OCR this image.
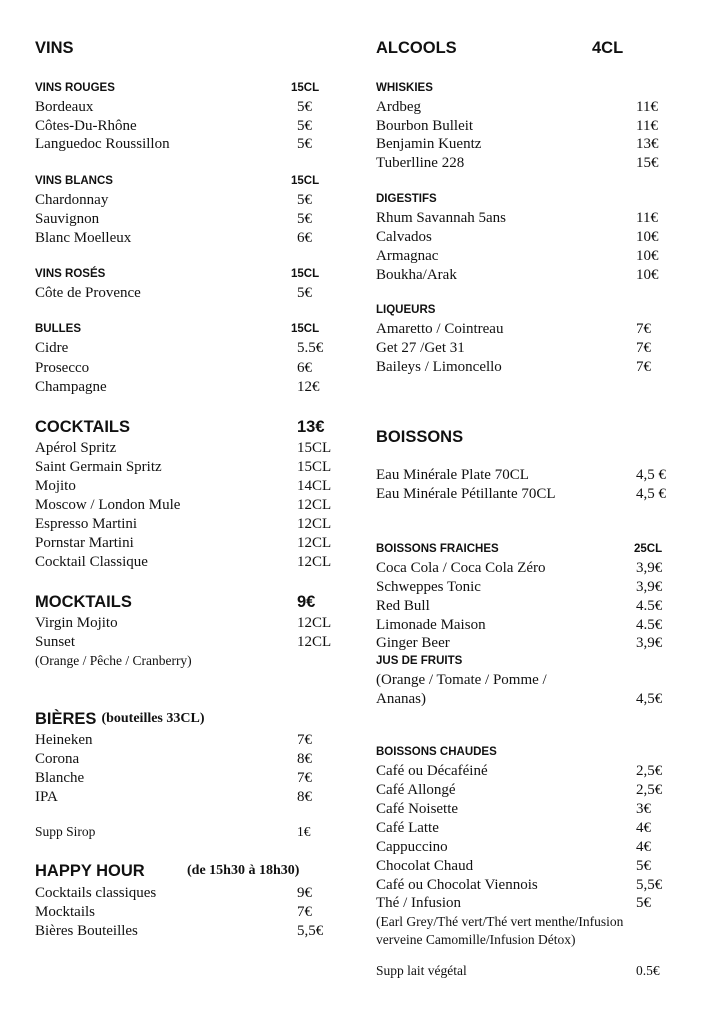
VINS
VINS ROUGES	15CL
Bordeaux	5€
Côtes-Du-Rhône	5€
Languedoc Roussillon	5€
VINS BLANCS	15CL
Chardonnay	5€
Sauvignon	5€
Blanc Moelleux	6€
VINS ROSÉS	15CL
Côte de Provence	5€
BULLES	15CL
Cidre	5.5€
Prosecco	6€
Champagne	12€
COCKTAILS	13€
Apérol Spritz	15CL
Saint Germain Spritz	15CL
Mojito	14CL
Moscow / London Mule	12CL
Espresso Martini	12CL
Pornstar Martini	12CL
Cocktail Classique	12CL
MOCKTAILS	9€
Virgin Mojito	12CL
Sunset	12CL
(Orange / Pêche / Cranberry)
BIÈRES (bouteilles 33CL)
Heineken	7€
Corona	8€
Blanche	7€
IPA	8€
Supp Sirop	1€
HAPPY HOUR	(de 15h30 à 18h30)
Cocktails classiques	9€
Mocktails	7€
Bières Bouteilles	5,5€
ALCOOLS	4CL
WHISKIES
Ardbeg	11€
Bourbon Bulleit	11€
Benjamin Kuentz	13€
Tuberlline 228	15€
DIGESTIFS
Rhum Savannah 5ans	11€
Calvados	10€
Armagnac	10€
Boukha/Arak	10€
LIQUEURS
Amaretto / Cointreau	7€
Get 27 /Get 31	7€
Baileys / Limoncello	7€
BOISSONS
Eau Minérale Plate 70CL	4,5 €
Eau Minérale Pétillante 70CL	4,5 €
BOISSONS FRAICHES	25CL
Coca Cola / Coca Cola Zéro	3,9€
Schweppes Tonic	3,9€
Red Bull	4.5€
Limonade Maison	4.5€
Ginger Beer	3,9€
JUS DE FRUITS
(Orange / Tomate / Pomme /
Ananas)	4,5€
BOISSONS CHAUDES
Café ou Décaféiné	2,5€
Café Allongé	2,5€
Café Noisette	3€
Café Latte	4€
Cappuccino	4€
Chocolat Chaud	5€
Café ou Chocolat Viennois	5,5€
Thé / Infusion	5€
(Earl Grey/Thé vert/Thé vert menthe/Infusion
verveine Camomille/Infusion Détox)
Supp lait végétal	0.5€
